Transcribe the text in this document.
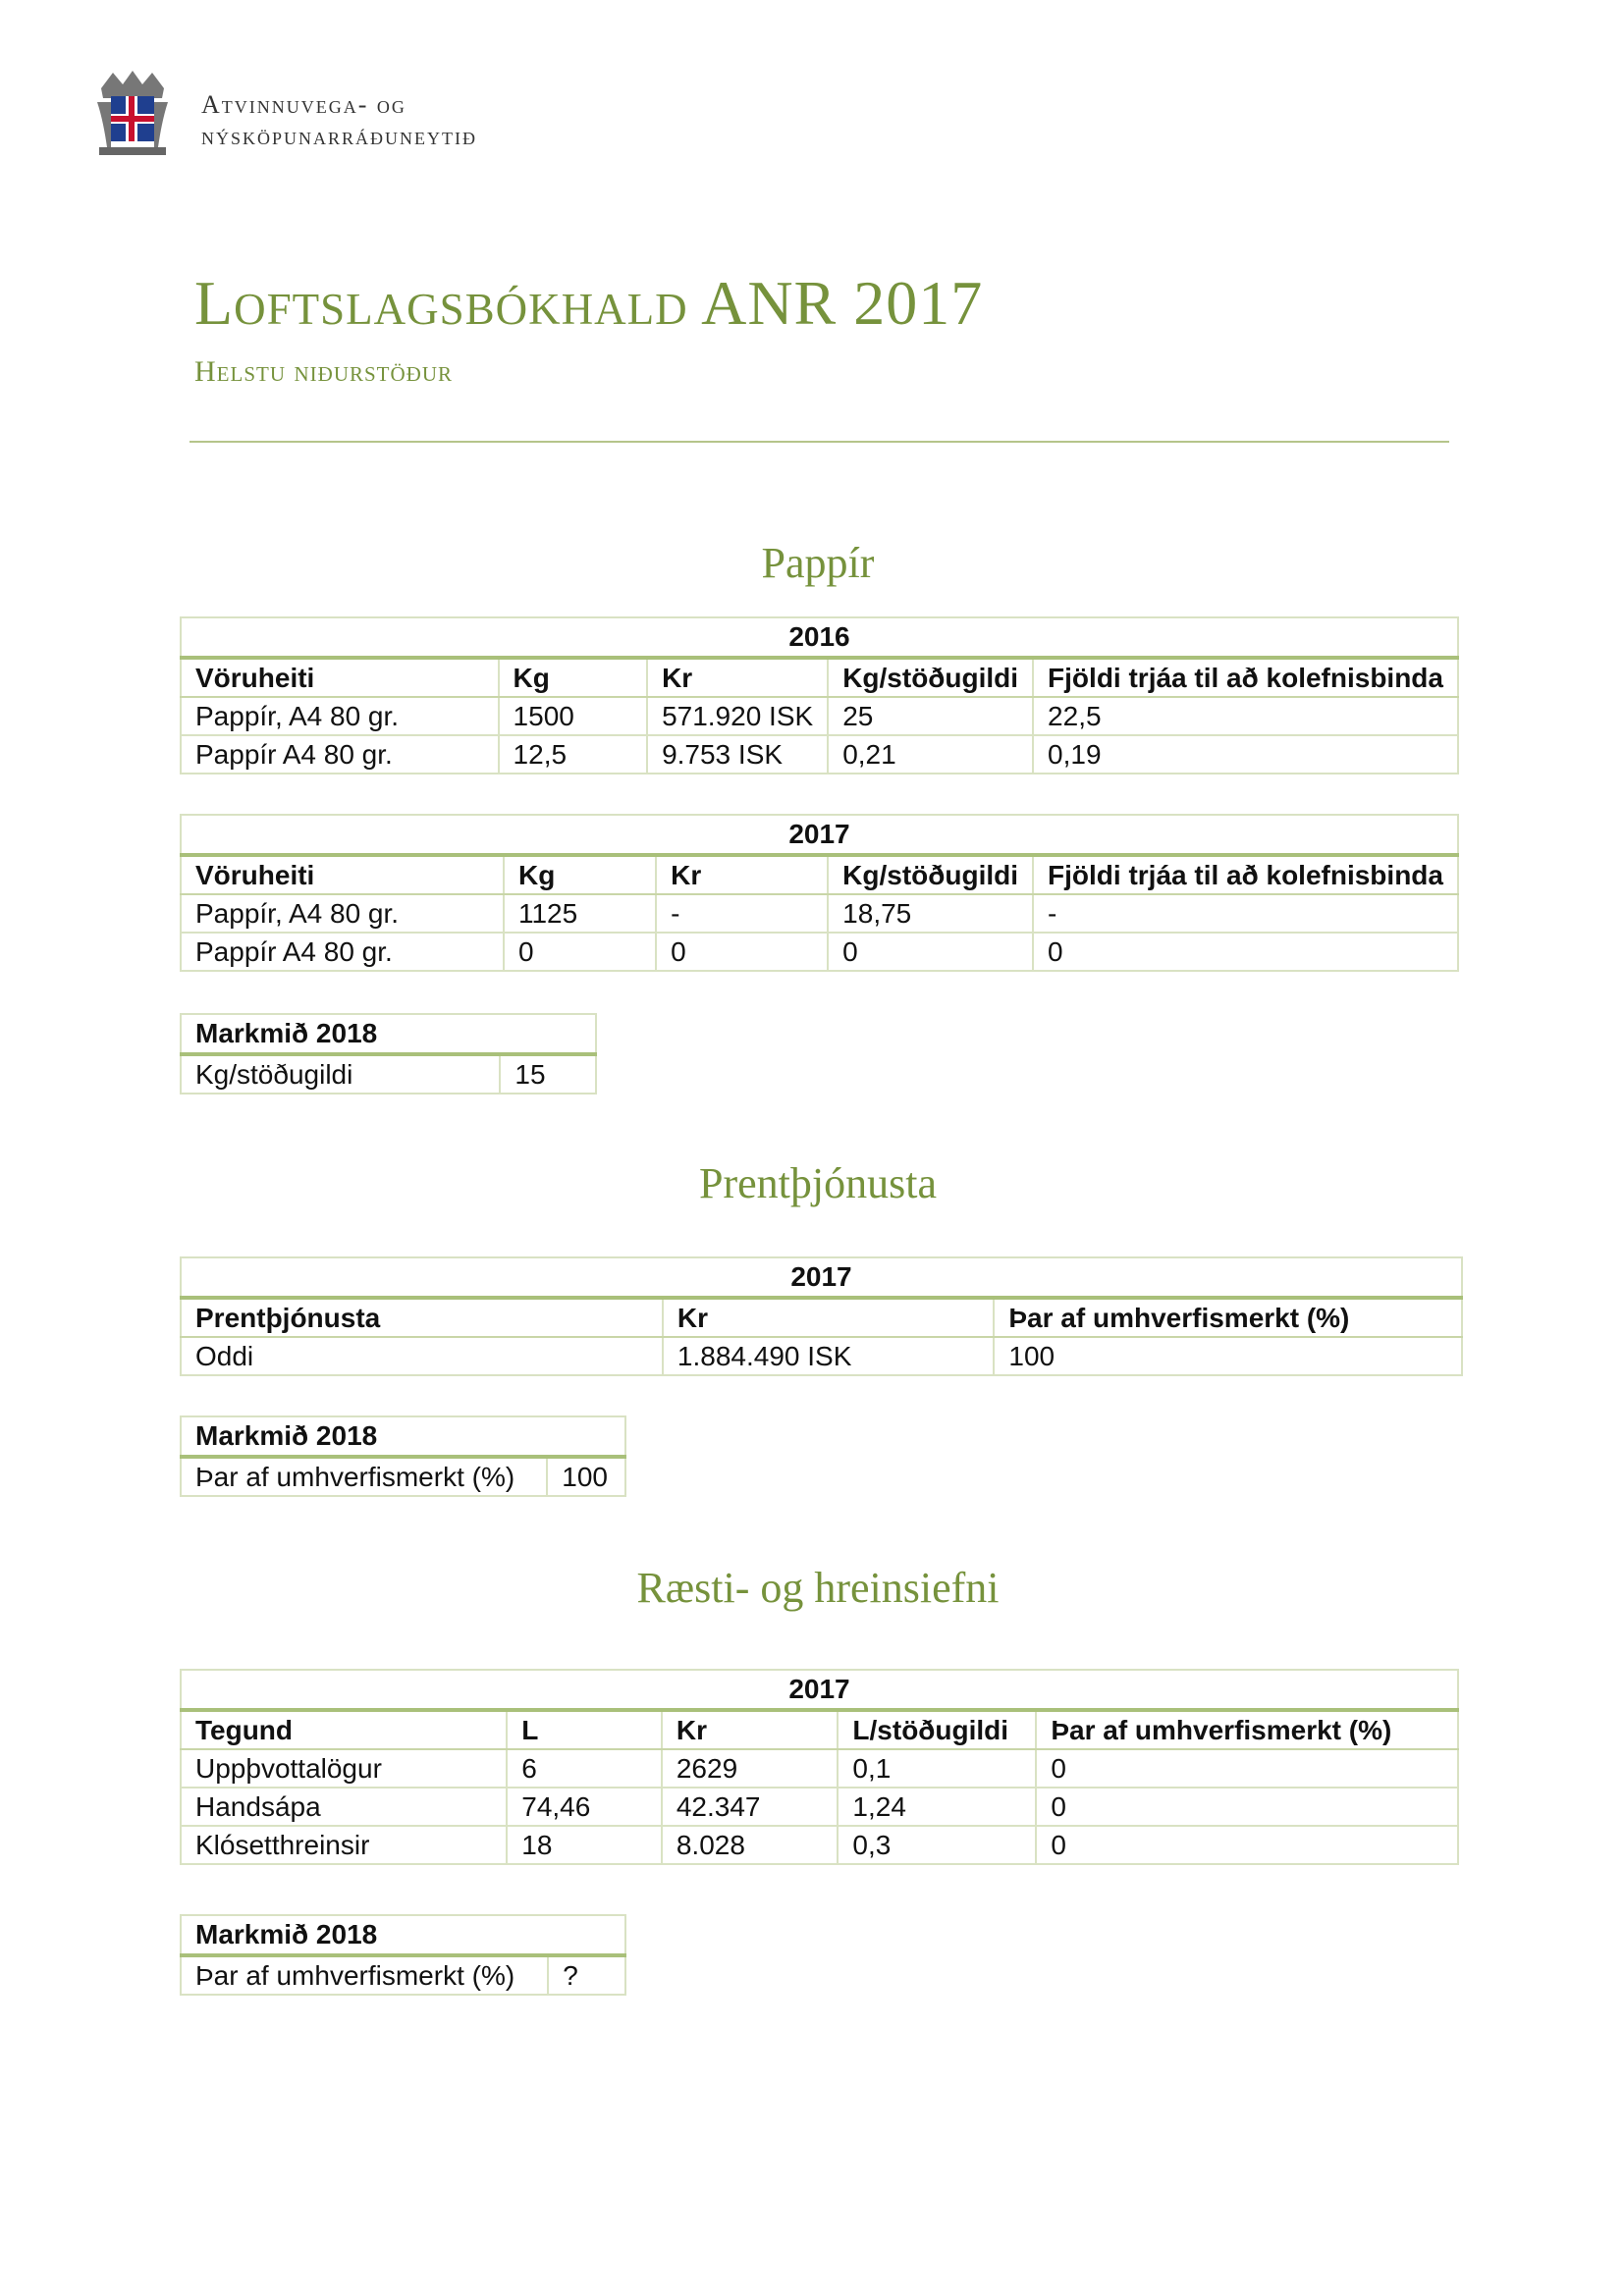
Atvinnuvega- og
nýsköpunarráðuneytið
Loftslagsbókhald ANR 2017
Helstu niðurstöður
Pappír
2016				
Vöruheiti	Kg	Kr	Kg/stöðugildi	Fjöldi trjáa til að kolefnisbinda
Pappír, A4 80 gr.	1500	571.920 ISK	25	22,5
Pappír A4 80 gr.	12,5	9.753 ISK	0,21	0,19
2017				
Vöruheiti	Kg	Kr	Kg/stöðugildi	Fjöldi trjáa til að kolefnisbinda
Pappír, A4 80 gr.	1125	-	18,75	-
Pappír A4 80 gr.	0	0	0	0
Markmið 2018
Kg/stöðugildi	15
Prentþjónusta
2017		
Prentþjónusta	Kr	Þar af umhverfismerkt (%)
Oddi	1.884.490 ISK	100
Markmið 2018
Þar af umhverfismerkt (%)	100
Ræsti- og hreinsiefni
2017				
Tegund	L	Kr	L/stöðugildi	Þar af umhverfismerkt (%)
Uppþvottalögur	6	2629	0,1	0
Handsápa	74,46	42.347	1,24	0
Klósetthreinsir	18	8.028	0,3	0
Markmið 2018
Þar af umhverfismerkt (%)	?
